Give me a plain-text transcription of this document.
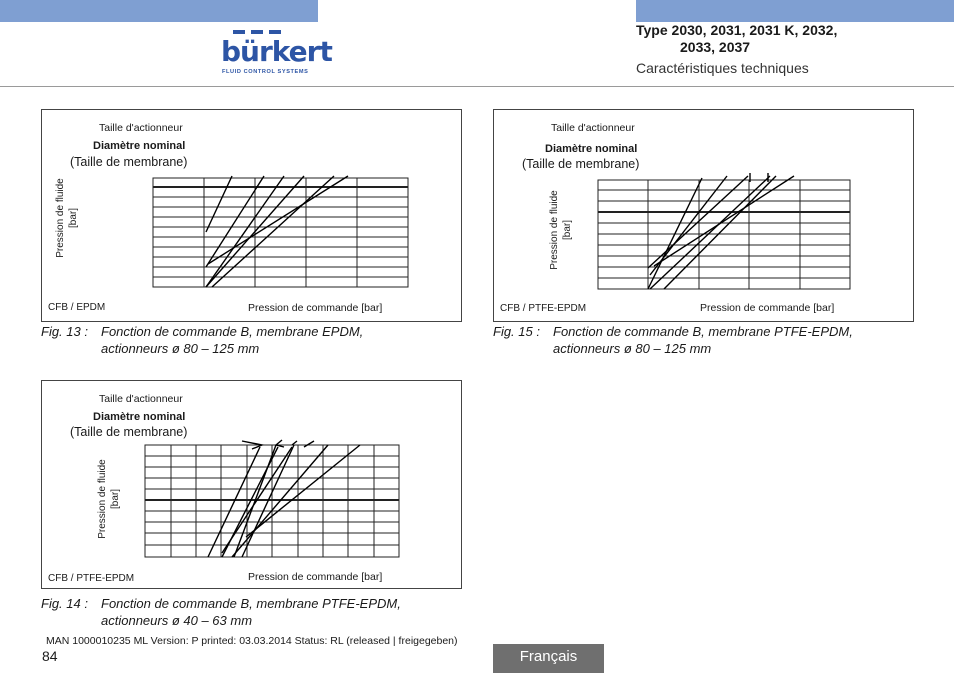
bürkert
FLUID CONTROL SYSTEMS
Type 2030, 2031, 2031 K, 2032,
2033, 2037
Caractéristiques techniques
Taille d'actionneur
Diamètre nominal
(Taille de membrane)
Pression de fluide [bar]
CFB / EPDM	Pression de commande [bar]
Fig. 13 : Fonction de commande B, membrane EPDM,
actionneurs ø 80 – 125 mm
Taille d'actionneur
Diamètre nominal
(Taille de membrane)
Pression de fluide [bar]
CFB / PTFE-EPDM	Pression de commande [bar]
Fig. 15 : Fonction de commande B, membrane PTFE-EPDM,
actionneurs ø 80 – 125 mm
Taille d'actionneur
Diamètre nominal
(Taille de membrane)
Pression de fluide [bar]
CFB / PTFE-EPDM	Pression de commande [bar]
Fig. 14 : Fonction de commande B, membrane PTFE-EPDM,
actionneurs ø 40 – 63 mm
MAN 1000010235 ML Version: P printed: 03.03.2014 Status: RL (released | freigegeben)
84	Français
